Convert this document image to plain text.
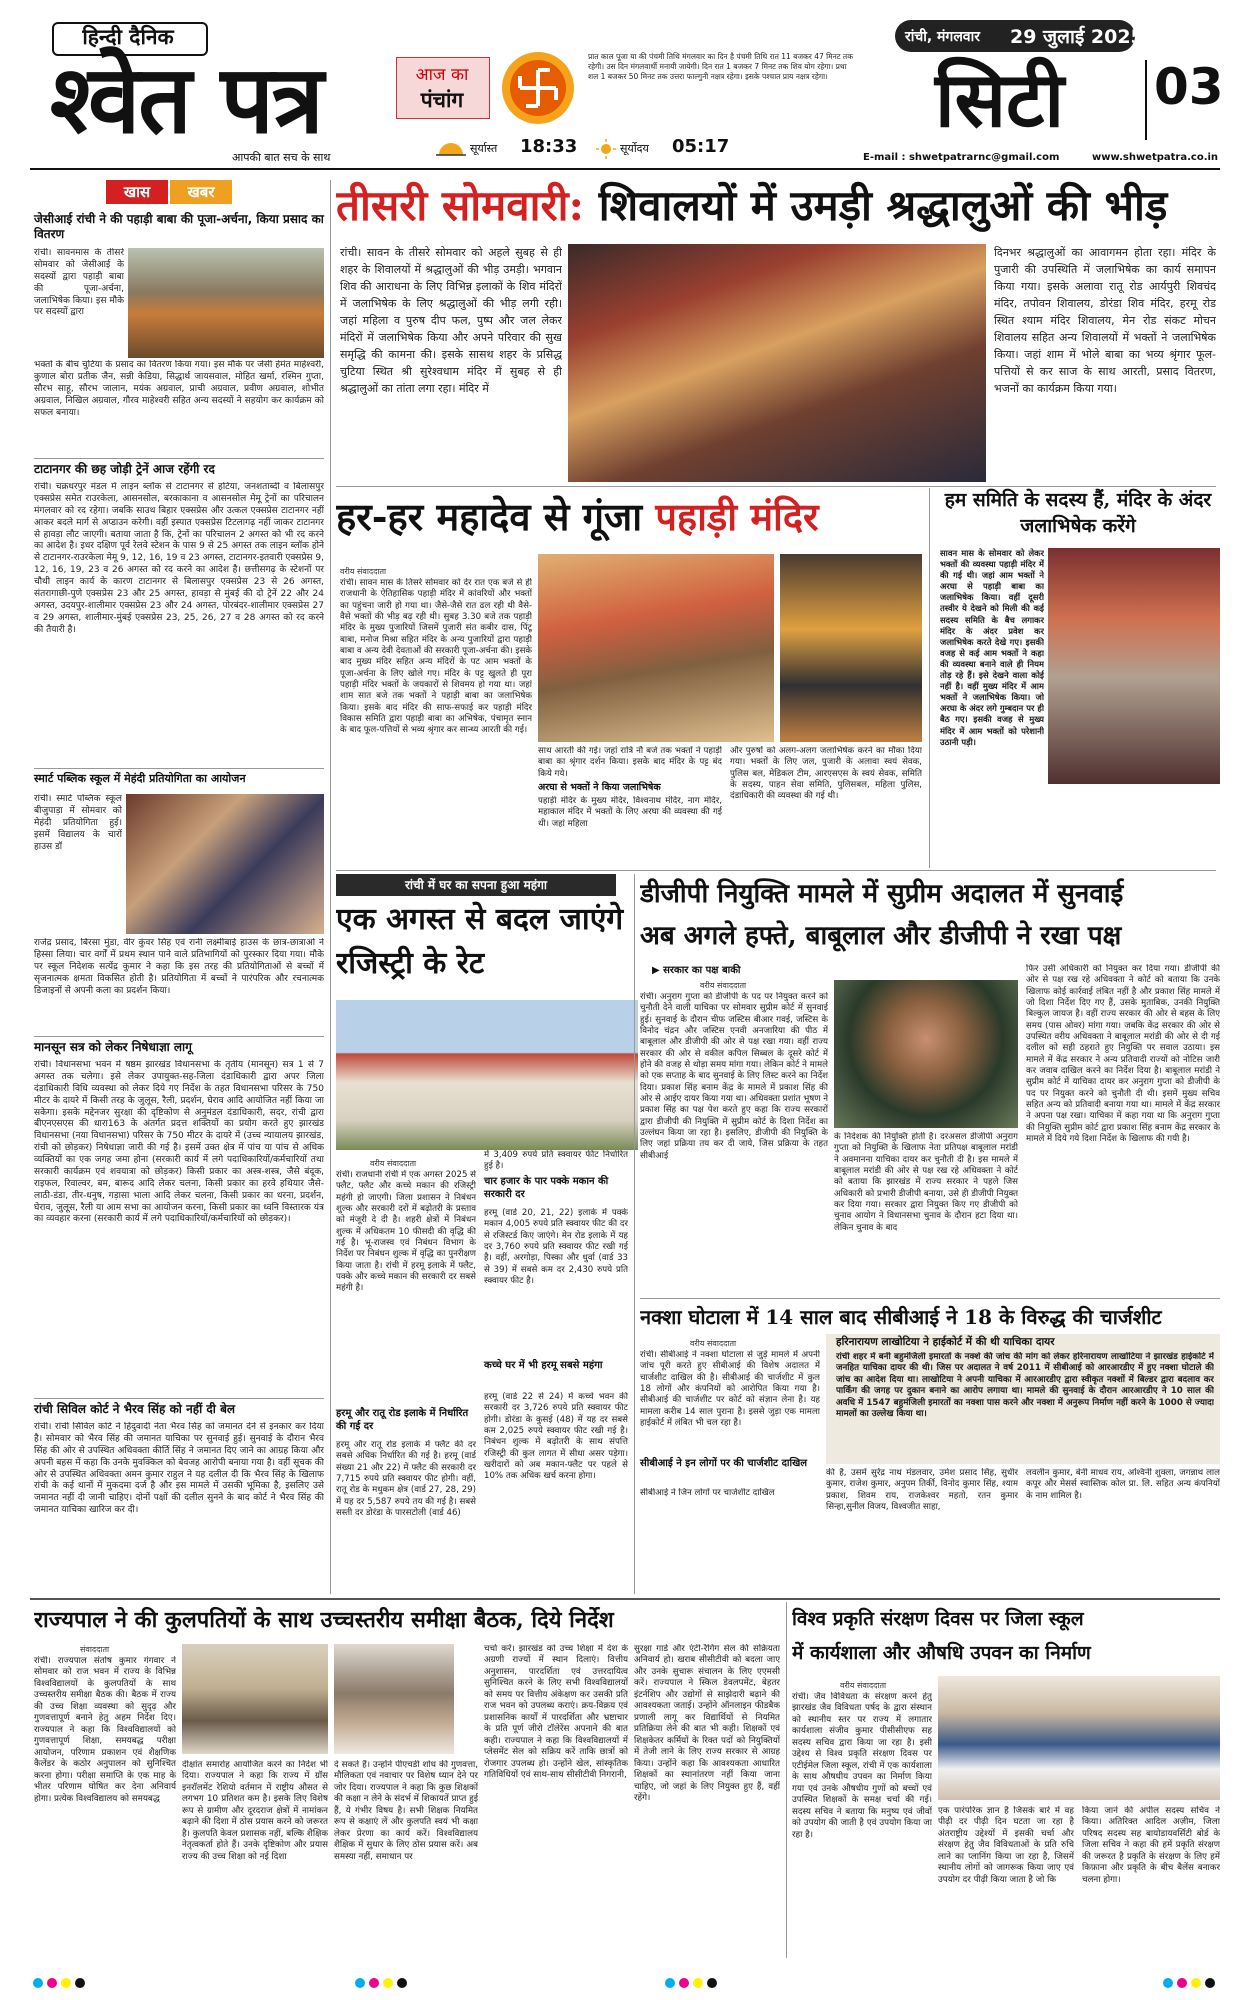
हिन्दी दैनिक
श्वेत पत्र
आपकी बात सच के साथ
आज का
पंचांग
प्रात काल पूजा या की पंचमी तिथि मंगलवार का दिन है पंचमी तिथि रात 11 बजकर 47 मिनट तक रहेगी। उस दिन मंगलवार्थी मनायी जायेगी। दिन रात 1 बजकर 7 मिनट तक शिव योग रहेगा। प्रथा शल 1 बजकर 50 मिनट तक उत्तरा फाल्गुनी नक्षत्र रहेगा। इसके पश्चात प्राय नक्षत्र रहेगा।
सूर्यास्त 18:33	सूर्योदय 05:17
रांची, मंगलवार 29 जुलाई 2025
सिटी 03
E-mail : shwetpatrarnc@gmail.com	www.shwetpatra.co.in
खास	खबर
जेसीआई रांची ने की पहाड़ी बाबा की पूजा-अर्चना, किया प्रसाद का वितरण
रांची। सावनमास के तीसरे सोमवार को जेसीआई के सदस्यों द्वारा पहाड़ी बाबा की पूजा-अर्चना, जलाभिषेक किया। इस मौके पर सदस्यों द्वारा
भक्तों के बीच चुटिया के प्रसाद का वितरण किया गया। इस मौके पर जेसी हेमंत माहेश्वरी, कुणाल बोरा प्रतीक जैन, सन्नी केडिया, सिद्धार्थ जायसवाल, मोहित खर्मा, रश्मिन गुप्ता, सौरभ साहू, सौरभ जालान, मयंक अग्रवाल, प्राची अग्रवाल, प्रवीण अग्रवाल, शोभीत अग्रवाल, निखिल अग्रवाल, गौरव माहेश्वरी सहित अन्य सदस्यों ने सहयोग कर कार्यक्रम को सफल बनाया।
टाटानगर की छह जोड़ी ट्रेनें आज रहेंगी रद
रांची। चक्रधरपुर मंडल में लाइन ब्लॉक से टाटानगर से हटिया, जनशताब्दी व बिलासपुर एक्सप्रेस समेत राउरकेला, आसनसोल, बरकाकाना व आसनसोल मेमू ट्रेनों का परिचालन मंगलवार को रद रहेगा। जबकि साउथ बिहार एक्सप्रेस और उत्कल एक्सप्रेस टाटानगर नहीं आकर बदले मार्ग से अप्डाउन करेगी। वहीं इस्पात एक्सप्रेस टिटलागढ़ नहीं जाकर टाटानगर से हावड़ा लौट जाएगी। बताया जाता है कि, ट्रेनों का परिचालन 2 अगस्त को भी रद करने का आदेश है। इधर दक्षिण पूर्व रेलवे स्टेशन के पास 9 से 25 अगस्त तक लाइन ब्लॉक होने से टाटानगर-राउरकेला मेमू 9, 12, 16, 19 व 23 अगस्त, टाटानगर-इतवारी एक्सप्रेस 9, 12, 16, 19, 23 व 26 अगस्त को रद करने का आदेश है। छत्तीसगढ़ के स्टेशनों पर चौथी लाइन कार्य के कारण टाटानगर से बिलासपुर एक्सप्रेस 23 से 26 अगस्त, संतरागाछी-पुणे एक्सप्रेस 23 और 25 अगस्त, हावड़ा से मुंबई की दो ट्रेनें 22 और 24 अगस्त, उदयपुर-शालीमार एक्सप्रेस 23 और 24 अगस्त, पोरबंदर-शालीमार एक्सप्रेस 27 व 29 अगस्त, शालीमार-मुंबई एक्सप्रेस 23, 25, 26, 27 व 28 अगस्त को रद करने की तैयारी है।
स्मार्ट पब्लिक स्कूल में मेहंदी प्रतियोगिता का आयोजन
रांची। स्मार्ट पब्लिक स्कूल बीजुपाड़ा में सोमवार को मेहंदी प्रतियोगिता हुई। इसमें विद्यालय के चारों हाउस डॉ
राजेंद्र प्रसाद, बिरसा मुंडा, वीर कुंवर सिंह एवं रानी लक्ष्मीबाई हाउस के छात्र-छात्राओं ने हिस्सा लिया। चार वर्गों में प्रथम स्थान पाने वाले प्रतिभागियों को पुरस्कार दिया गया। मौके पर स्कूल निदेशक सत्येंद्र कुमार ने कहा कि इस तरह की प्रतियोगिताओं से बच्चों में सृजनात्मक क्षमता विकसित होती है। प्रतियोगिता में बच्चों ने पारंपरिक और रचनात्मक डिजाइनों से अपनी कला का प्रदर्शन किया।
मानसून सत्र को लेकर निषेधाज्ञा लागू
रांची। विधानसभा भवन में षष्ठम झारखंड विधानसभा के तृतीय (मानसून) सत्र 1 से 7 अगस्त तक चलेगा। इसे लेकर उपायुक्त-सह-जिला दंडाधिकारी द्वारा अपर जिला दंडाधिकारी विधि व्यवस्था को लेकर दिये गए निर्देश के तहत विधानसभा परिसर के 750 मीटर के दायरे में किसी तरह के जुलूस, रैली, प्रदर्शन, घेराव आदि आयोजित नहीं किया जा सकेगा। इसके मद्देनजर सुरक्षा की दृष्टिकोण से अनुमंडल दंडाधिकारी, सदर, रांची द्वारा बीएनएसएस की धारा163 के अंतर्गत प्रदत्त शक्तियों का प्रयोग करते हुए झारखंड विधानसभा (नया विधानसभा) परिसर के 750 मीटर के दायरे में (उच्च न्यायालय झारखंड, रांची को छोड़कर) निषेधाज्ञा जारी की गई है। इसमें उक्त क्षेत्र में पांच या पांच से अधिक व्यक्तियों का एक जगह जमा होना (सरकारी कार्य में लगे पदाधिकारियों/कर्मचारियों तथा सरकारी कार्यक्रम एवं शवयात्रा को छोड़कर) किसी प्रकार का अस्त्र-शस्त्र, जैसे बंदूक, राइफल, रिवाल्वर, बम, बारूद आदि लेकर चलना, किसी प्रकार का हरवे हथियार जैसे-लाठी-डंडा, तीर-धनुष, गड़ासा भाला आदि लेकर चलना, किसी प्रकार का धरना, प्रदर्शन, घेराव, जुलूस, रैली या आम सभा का आयोजन करना, किसी प्रकार का ध्वनि विस्तारक यंत्र का व्यवहार करना (सरकारी कार्य में लगे पदाधिकारियों/कर्मचारियों को छोड़कर)।
रांची सिविल कोर्ट ने भैरव सिंह को नहीं दी बेल
रांची। रांची सिविल कोर्ट ने हिंदुवादी नेता भैरव सिंह को जमानत देने से इनकार कर दिया है। सोमवार को भैरव सिंह की जमानत याचिका पर सुनवाई हुई। सुनवाई के दौरान भैरव सिंह की ओर से उपस्थित अधिवक्ता कीर्ति सिंह ने जमानत दिए जाने का आग्रह किया और अपनी बहस में कहा कि उनके मुवक्किल को बेवजह आरोपी बनाया गया है। वहीं सूचक की ओर से उपस्थित अधिवक्ता अमन कुमार राहुल ने यह दलील दी कि भैरव सिंह के खिलाफ रांची के कई थानों में मुकदमा दर्ज है और इस मामले में उसकी भूमिका है, इसलिए उसे जमानत नहीं दी जानी चाहिए। दोनों पक्षों की दलील सुनने के बाद कोर्ट ने भैरव सिंह की जमानत याचिका खारिज कर दी।
तीसरी सोमवारी: शिवालयों में उमड़ी श्रद्धालुओं की भीड़
रांची। सावन के तीसरे सोमवार को अहले सुबह से ही शहर के शिवालयों में श्रद्धालुओं की भीड़ उमड़ी। भगवान शिव की आराधना के लिए विभिन्न इलाकों के शिव मंदिरों में जलाभिषेक के लिए श्रद्धालुओं की भीड़ लगी रही। जहां महिला व पुरुष दीप फल, पुष्प और जल लेकर मंदिरों में जलाभिषेक किया और अपने परिवार की सुख समृद्धि की कामना की। इसके सासथ शहर के प्रसिद्ध चुटिया स्थित श्री सुरेश्वधाम मंदिर में सुबह से ही श्रद्धालुओं का तांता लगा रहा। मंदिर में
दिनभर श्रद्धालुओं का आवागमन होता रहा। मंदिर के पुजारी की उपस्थिति में जलाभिषेक का कार्य समापन किया गया। इसके अलावा रातू रोड आर्यपुरी शिवचंद मंदिर, तपोवन शिवालय, डोरंडा शिव मंदिर, हरमू रोड स्थित श्याम मंदिर शिवालय, मेन रोड संकट मोचन शिवालय सहित अन्य शिवालयों में भक्तों ने जलाभिषेक किया। जहां शाम में भोले बाबा का भव्य श्रृंगार फूल-पत्तियों से कर साज के साथ आरती, प्रसाद वितरण, भजनों का कार्यक्रम किया गया।
हर-हर महादेव से गूंजा पहाड़ी मंदिर
वरीय संवाददाता
रांची। सावन मास के तिसरे सोमवार को देर रात एक बजे से ही राजधानी के ऐतिहासिक पहाड़ी मंदिर में कांवरियों और भक्तों का पहुंचना जारी हो गया था। जैसे-जैसे रात ढल रही थी वैसे-वैसे भक्तों की भीड़ बढ़ रही थी। सुबह 3.30 बजे तक पहाड़ी मंदिर के मुख्य पुजारियों जिसमें पुजारी संत कबीर दास, पिंटू बाबा, मनोज मिश्रा सहित मंदिर के अन्य पुजारियों द्वारा पहाड़ी बाबा व अन्य देवी देवताओं की सरकारी पूजा-अर्चना की। इसके बाद मुख्य मंदिर सहित अन्य मंदिरों के पट आम भक्तों के पूजा-अर्चना के लिए खोले गए। मंदिर के पट्ट खुलते ही पूरा पहाड़ी मंदिर भक्तों के जयकारों से शिवमय हो गया था। जहां शाम सात बजे तक भक्तों ने पहाड़ी बाबा का जलाभिषेक किया। इसके बाद मंदिर की साफ-सफाई कर पहाड़ी मंदिर विकास समिति द्वारा पहाड़ी बाबा का अभिषेक, पंचामृत स्नान के बाद फूल-पत्तियों से भव्य श्रृंगार कर सान्ध्य आरती की गई।
साथ आरती की गई। जहां रात्रि नौ बजे तक भक्तों ने पहाड़ी बाबा का श्रृंगार दर्शन किया। इसके बाद मंदिर के पट्ट बंद किये गये।
अरघा से भक्तों ने किया जलाभिषेक
पहाड़ी मंदिर के मुख्य मंदिर, विश्वनाथ मंदिर, नाग मंदिर, महाकाल मंदिर में भक्तों के लिए अरघा की व्यवस्था की गई थी। जहां महिला
और पुरुषों को अलग-अलग जलाभिषेक करने का मौका दिया गया। भक्तों के लिए जल, पुजारी के अलावा स्वयं सेवक, पुलिस बल, मेडिकल टीम, आरएसएस के स्वयं सेवक, समिति के सदस्य, पाहन सेवा समिति, पुलिसबल, महिला पुलिस, दंडाधिकारी की व्यवस्था की गई थी।
हम समिति के सदस्य हैं, मंदिर के अंदर जलाभिषेक करेंगे
सावन मास के सोमवार को लेकर भक्तों की व्यवस्था पहाड़ी मंदिर में की गई थी। जहां आम भक्तों ने अरघा से पहाड़ी बाबा का जलाभिषेक किया। वहीं दूसरी तस्वीर ये देखने को मिली की कई सदस्य समिति के बैच लगाकर मंदिर के अंदर प्रवेश कर जलाभिषेक करते देखे गए। इसकी वजह से कई आम भक्तों ने कहा की व्यवस्था बनाने वाले ही नियम तोड़ रहे हैं। इसे देखने वाला कोई नहीं है। वहीं मुख्य मंदिर में आम भक्तों ने जलाभिषेक किया। जो अरघा के अंदर लगे गुम्बदान पर ही बैठ गए। इसकी वजह से मुख्य मंदिर में आम भक्तों को परेशानी उठानी पड़ी।
रांची में घर का सपना हुआ महंगा
एक अगस्त से बदल जाएंगे रजिस्ट्री के रेट
वरीय संवाददाता
रांची। राजधानी रांची में एक अगस्त 2025 से फ्लैट, फ्लैट और कच्चे मकान की रजिस्ट्री महंगी हो जाएगी। जिला प्रशासन ने निबंधन शुल्क और सरकारी दरों में बढ़ोतरी के प्रस्ताव को मंजूरी दे दी है। शहरी क्षेत्रों में निबंधन शुल्क में अधिकतम 10 फीसदी की वृद्धि की गई है। भू-राजस्व एवं निबंधन विभाग के निर्देश पर निबंधन शुल्क में वृद्धि का पुनरीक्षण किया जाता है। रांची में हरमू इलाके में फ्लैट, पक्के और कच्चे मकान की सरकारी दर सबसे महंगी है।
हरमू और रातू रोड इलाके में निर्धारित की गई दर
हरमू और रातू रोड इलाके में फ्लैट की दर सबसे अधिक निर्धारित की गई है। हरमू (वार्ड संख्या 21 और 22) में फ्लैट की सरकारी दर 7,715 रुपये प्रति स्क्वायर फीट होगी। वहीं, रातू रोड के मधुकम क्षेत्र (वार्ड 27, 28, 29) में यह दर 5,587 रुपये तय की गई है। सबसे सस्ती दर डोरंडा के पारसटोली (वार्ड 46)
में 3,409 रुपये प्रति स्क्वायर फीट निर्धारित हुई है।
चार हजार के पार पक्के मकान की सरकारी दर
हरमू (वार्ड 20, 21, 22) इलाके में पक्के मकान 4,005 रुपये प्रति स्क्वायर फीट की दर से रजिस्टर्ड किए जाएंगे। मेन रोड इलाके में यह दर 3,760 रुपये प्रति स्क्वायर फीट रखी गई है। वहीं, अरगोड़ा, पिस्का और धुर्वा (वार्ड 33 से 39) में सबसे कम दर 2,430 रुपये प्रति स्क्वायर फीट है।
कच्चे घर में भी हरमू सबसे महंगा
हरमू (वार्ड 22 से 24) में कच्चे भवन की सरकारी दर 3,726 रुपये प्रति स्क्वायर फीट होगी। डोरंडा के कुसई (48) में यह दर सबसे कम 2,025 रुपये स्क्वायर फीट रखी गई है। निबंधन शुल्क में बढ़ोतरी के साथ संपत्ति रजिस्ट्री की कुल लागत में सीधा असर पड़ेगा। खरीदारों को अब मकान-फ्लैट पर पहले से 10% तक अधिक खर्च करना होगा।
डीजीपी नियुक्ति मामले में सुप्रीम अदालत में सुनवाई
अब अगले हफ्ते, बाबूलाल और डीजीपी ने रखा पक्ष
▶ सरकार का पक्ष बाकी
वरीय संवाददाता
रांची। अनुराग गुप्ता को डीजीपी के पद पर नियुक्त करने को चुनौती देने वाली याचिका पर सोमवार सुप्रीम कोर्ट में सुनवाई हुई। सुनवाई के दौरान चीफ जस्टिस बीआर गवई, जस्टिस के विनोद चंद्रन और जस्टिस एनवी अनजारिया की पीठ में बाबूलाल और डीजीपी की ओर से पक्ष रखा गया। वहीं राज्य सरकार की ओर से वकील कपिल सिब्बल के दूसरे कोर्ट में होने की वजह से थोड़ा समय मांगा गया। लेकिन कोर्ट ने मामले को एक सप्ताह के बाद सुनवाई के लिए लिस्ट करने का निर्देश दिया। प्रकाश सिंह बनाम केंद्र के मामले में प्रकाश सिंह की ओर से आईए दायर किया गया था। अधिवक्ता प्रशांत भूषण ने प्रकाश सिंह का पक्ष पेश करते हुए कहा कि राज्य सरकारों द्वारा डीजीपी की नियुक्ति में सुप्रीम कोर्ट के दिशा निर्देश का उल्लंघन किया जा रहा है। इसलिए, डीजीपी की नियुक्ति के लिए जहां प्रक्रिया तय कर दी जाये, जिस प्रक्रिया के तहत सीबीआई
के निदेशक की नियुक्ति होती है। दरअसल डीजीपी अनुराग गुप्ता को नियुक्ति के खिलाफ नेता प्रतिपक्ष बाबूलाल मरांडी ने अवमानना याचिका दायर कर चुनौती दी है। इस मामले में बाबूलाल मरांडी की ओर से पक्ष रख रहे अधिवक्ता ने कोर्ट को बताया कि झारखंड में राज्य सरकार ने पहले जिस अधिकारी को प्रभारी डीजीपी बनाया, उसे ही डीजीपी नियुक्त कर दिया गया। सरकार द्वारा नियुक्त किए गए डीजीपी को चुनाव आयोग ने विधानसभा चुनाव के दौरान हटा दिया था। लेकिन चुनाव के बाद
फिर उसी अधिकारी को नियुक्त कर दिया गया। डीजीपी की ओर से पक्ष रख रहे अधिवक्ता ने कोर्ट को बताया कि उनके खिलाफ कोई कार्रवाई लंबित नहीं है और प्रकाश सिंह मामले में जो दिशा निर्देश दिए गए हैं, उसके मुताबिक, उनकी नियुक्ति बिल्कुल जायज है। वहीं राज्य सरकार की ओर से बहस के लिए समय (पास ओवर) मांगा गया। जबकि केंद्र सरकार की ओर से उपस्थित वरीय अधिवक्ता ने बाबूलाल मरांडी की ओर से दी गई दलील को सही ठहराते हुए नियुक्ति पर सवाल उठाया। इस मामले में केंद्र सरकार ने अन्य प्रतिवादी राज्यों को नोटिस जारी कर जवाब दाखिल करने का निर्देश दिया है। बाबूलाल मरांडी ने सुप्रीम कोर्ट में याचिका दायर कर अनुराग गुप्ता को डीजीपी के पद पर नियुक्त करने को चुनौती दी थी। इसमें मुख्य सचिव सहित अन्य को प्रतिवादी बनाया गया था। मामले में केंद्र सरकार ने अपना पक्ष रखा। याचिका में कहा गया था कि अनुराग गुप्ता की नियुक्ति सुप्रीम कोर्ट द्वारा प्रकाश सिंह बनाम केंद्र सरकार के मामले में दिये गये दिशा निर्देश के खिलाफ की गयी है।
नक्शा घोटाला में 14 साल बाद सीबीआई ने 18 के विरुद्ध की चार्जशीट
वरीय संवाददाता
रांची। सीबीआई ने नक्शा घोटाला से जुड़े मामले में अपनी जांच पूरी करते हुए सीबीआई की विशेष अदालत में चार्जशीट दाखिल की है। सीबीआई की चार्जशीट में कुल 18 लोगों और कंपनियों को आरोपित किया गया है। सीबीआई की चार्जशीट पर कोर्ट को संज्ञान लेना है। यह मामला करीब 14 साल पुराना है। इससे जुड़ा एक मामला हाईकोर्ट में लंबित भी चल रहा है।
सीबीआई ने इन लोगों पर की चार्जशीट दाखिल
सीबीआई ने जिन लोगों पर चार्जशीट दाखिल
हरिनारायण लाखोटिया ने हाईकोर्ट में की थी याचिका दायर
रांची शहर में बनी बहुमंजिली इमारतों के नक्शे की जांच की मांग को लेकर हरिनारायण लाखोटिया ने झारखंड हाईकोर्ट में जनहित याचिका दायर की थी। जिस पर अदालत ने वर्ष 2011 में सीबीआई को आरआरडीए में हुए नक्शा घोटाले की जांच का आदेश दिया था। लाखोटिया ने अपनी याचिका में आरआरडीए द्वारा स्वीकृत नक्शों में बिल्डर द्वारा बदलाव कर पार्किंग की जगह पर दुकान बनाने का आरोप लगाया था। मामले की सुनवाई के दौरान आरआरडीए ने 10 साल की अवधि में 1547 बहुमंजिली इमारतों का नक्शा पास करने और नक्शा में अनुरूप निर्माण नहीं करने के 1000 से ज्यादा मामलों का उल्लेख किया था।
की है, उसमें सुरेंद्र नाथ मंडलवार, उमेश प्रसाद सिंह, सुधीर कुमार, राजेश कुमार, अनुपम तिर्की, विनोद कुमार सिंह, श्याम प्रकाश, शिवम राय, राजकेश्वर महतो, रतन कुमार सिन्हा,सुनील विजय, विश्वजीत साहा,
लवलीन कुमार, बेनी माधव राय, अश्विनी शुक्ला, जगन्नाथ लाल कपूर और मेसर्स स्वास्तिक कोल प्रा. लि. सहित अन्य कंपनियों के नाम शामिल है।
राज्यपाल ने की कुलपतियों के साथ उच्चस्तरीय समीक्षा बैठक, दिये निर्देश
संवाददाता
रांची। राज्यपाल संतोष कुमार गंगवार ने सोमवार को राज भवन में राज्य के विभिन्न विश्वविद्यालयों के कुलपतियों के साथ उच्चस्तरीय समीक्षा बैठक की। बैठक में राज्य की उच्च शिक्षा व्यवस्था को सुदृढ़ और गुणवत्तापूर्ण बनाने हेतु अहम निर्देश दिए। राज्यपाल ने कहा कि विश्वविद्यालयों को गुणवत्तापूर्ण शिक्षा, समयबद्ध परीक्षा आयोजन, परिणाम प्रकाशन एवं शैक्षणिक कैलेंडर के कठोर अनुपालन को सुनिश्चित करना होगा। परीक्षा समाप्ति के एक माह के भीतर परिणाम घोषित कर देना अनिवार्य होगा। प्रत्येक विश्वविद्यालय को समयबद्ध
दीक्षांत समारोह आयोजित करने का निर्देश भी दिया। राज्यपाल ने कहा कि राज्य में ग्रॉस इनरॉलमेंट रेशियो वर्तमान में राष्ट्रीय औसत से लगभग 10 प्रतिशत कम है। इसके लिए विशेष रूप से ग्रामीण और दूरदराज क्षेत्रों में नामांकन बढ़ाने की दिशा में ठोस प्रयास करने को जरूरत है। कुलपति केवल प्रशासक नहीं, बल्कि शैक्षिक नेतृत्वकर्ता होते हैं। उनके दृष्टिकोण और प्रयास राज्य की उच्च शिक्षा को नई दिशा
दे सकते हैं। उन्होंने पीएचडी शोध की गुणवत्ता, मौलिकता एवं नवाचार पर विशेष ध्यान देने पर जोर दिया। राज्यपाल ने कहा कि कुछ शिक्षकों की कक्षा न लेने के संदर्भ में शिकायतें प्राप्त हुई हैं, ये गंभीर विषय है। सभी शिक्षक नियमित रूप से कक्षाएं लें और कुलपति स्वयं भी कक्षा लेकर प्रेरणा का कार्य करें। विश्वविद्यालय शैक्षिक में सुधार के लिए ठोस प्रयास करें। अब समस्या नहीं, समाधान पर
चर्चा करें। झारखंड को उच्च शिक्षा में देश के अग्रणी राज्यों में स्थान दिलाएं। वित्तीय अनुशासन, पारदर्शिता एवं उत्तरदायित्व सुनिश्चित करने के लिए सभी विश्वविद्यालयों को समय पर वित्तीय अंकेक्षण कर उसकी प्रति राज भवन को उपलब्ध कराएं। क्रय-विक्रय एवं प्रशासनिक कार्यों में पारदर्शिता और भ्रष्टाचार के प्रति पूर्ण जीरो टॉलेरेंस अपनाने की बात कही। राज्यपाल ने कहा कि विश्वविद्यालयों में प्लेसमेंट सेल को सक्रिय करें ताकि छात्रों को रोजगार उपलब्ध हो। उन्होंने खेल, सांस्कृतिक गतिविधियों एवं साथ-साथ सीसीटीवी निगरानी,
सुरक्षा गार्ड और एंटी-रैगिंग सेल की सक्रियता अनिवार्य हो। खराब सीसीटीवी को बदला जाए और उनके सुचारू संचालन के लिए एएमसी करें। राज्यपाल ने स्किल डेवलपमेंट, बेहतर इंटर्नशिप और उद्योगों से साझेदारी बढ़ाने की आवश्यकता जताई। उन्होंने ऑनलाइन फीडबैक प्रणाली लागू कर विद्यार्थियों से नियमित प्रतिक्रिया लेने की बात भी कही। शिक्षकों एवं शिक्षकेतर कर्मियों के रिक्त पदों को नियुक्तियों में तेजी लाने के लिए राज्य सरकार से आग्रह किया। उन्होंने कहा कि आवश्यकता आधारित शिक्षकों का स्थानांतरण नहीं किया जाना चाहिए, जो जहां के लिए नियुक्त हुए हैं, वहीं रहेंगे।
विश्व प्रकृति संरक्षण दिवस पर जिला स्कूल
में कार्यशाला और औषधि उपवन का निर्माण
वरीय संवाददाता
रांची। जैव विविधता के संरक्षण करने हेतु झारखंड जैव विविधता पर्षद के द्वारा संस्थान को स्थानीय स्तर पर राज्य में लगातार कार्यशाला संजीव कुमार पीसीसीएफ सह सदस्य सचिव द्वारा किया जा रहा है। इसी उद्देश्य से विश्व प्रकृति संरक्षण दिवस पर एटीईमेल जिला स्कूल, रांची में एक कार्यशाला के साथ औषधीय उपवन का निर्माण किया गया एवं उनके औषधीय गुणों को बच्चों एवं उपस्थित शिक्षकों के समक्ष चर्चा की गई। सदस्य सचिव ने बताया कि मनुष्य एवं जीवों को उपयोग की जाती है एवं उपयोग किया जा रहा है।
एक पारंपरिक ज्ञान है जिसके बारे में वह पीढ़ी दर पीढ़ी दिन घटता जा रहा है अंतराष्ट्रीय उद्देश्यों में इसकी चर्चा और संरक्षण हेतु जैव विविधताओं के प्रति रुचि लाने का प्लानिंग किया जा रहा है, जिसमें स्थानीय लोगों को जागरूक किया जाए एवं उपयोग दर पीढ़ी किया जाता है जो कि
किया जाने की अपील सदस्य सचिव ने किया। अतिरिक्त आदिल अज़ीम, जिला परिषद सदस्य सह बायोडायवर्सिटी बोर्ड के जिला सचिव ने कहा की हमें प्रकृति संरक्षण की जरूरत है प्रकृति के संरक्षण के लिए हमें किफ़ाना और प्रकृति के बीच बैलेंस बनाकर चलना होगा।
